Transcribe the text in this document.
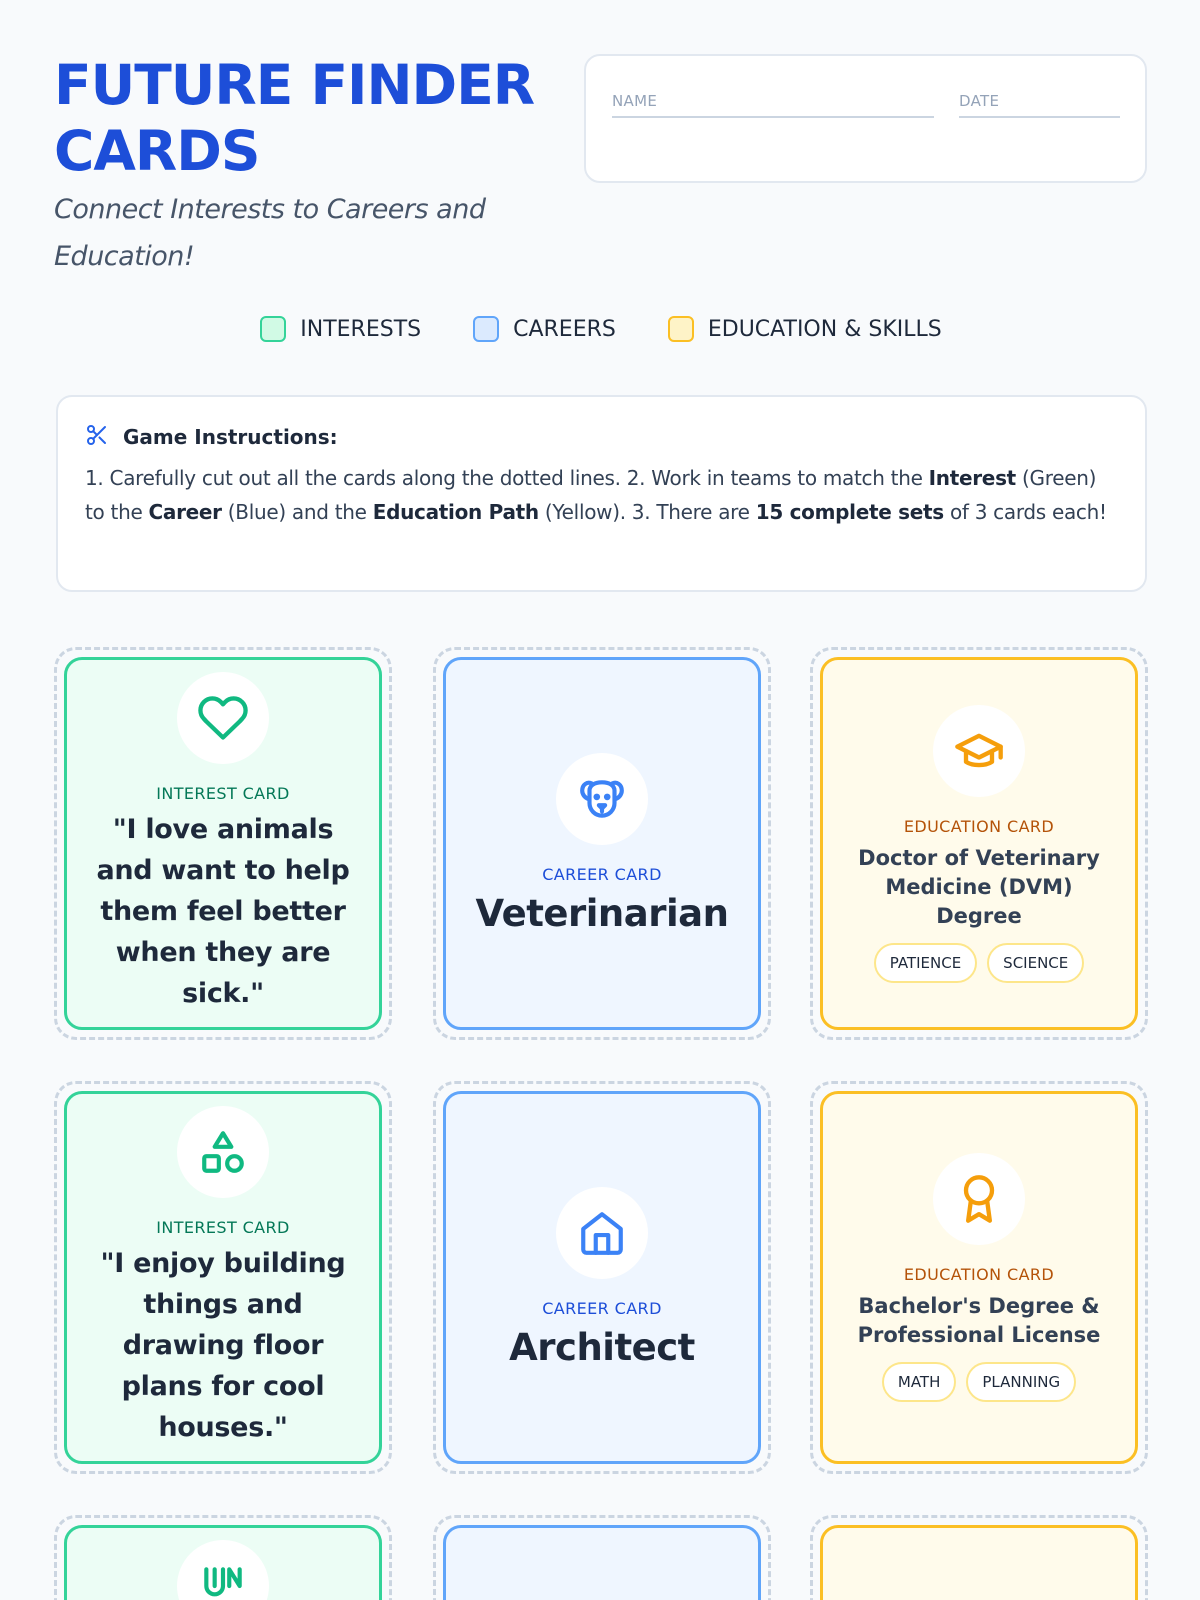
FUTURE FINDER CARDS

Connect Interests to Careers and Education!

NAME	DATE
INTERESTS	CAREERS	EDUCATION & SKILLS
Game Instructions:

1. Carefully cut out all the cards along the dotted lines. 2. Work in teams to match the Interest (Green) to the Career (Blue) and the Education Path (Yellow). 3. There are 15 complete sets of 3 cards each!

INTEREST CARD
"I love animals and want to help them feel better when they are sick."
CAREER CARD
Veterinarian
EDUCATION CARD
Doctor of Veterinary Medicine (DVM) Degree
PATIENCE	SCIENCE
INTEREST CARD
"I enjoy building things and drawing floor plans for cool houses."
CAREER CARD
Architect
EDUCATION CARD
Bachelor's Degree & Professional License
MATH	PLANNING
